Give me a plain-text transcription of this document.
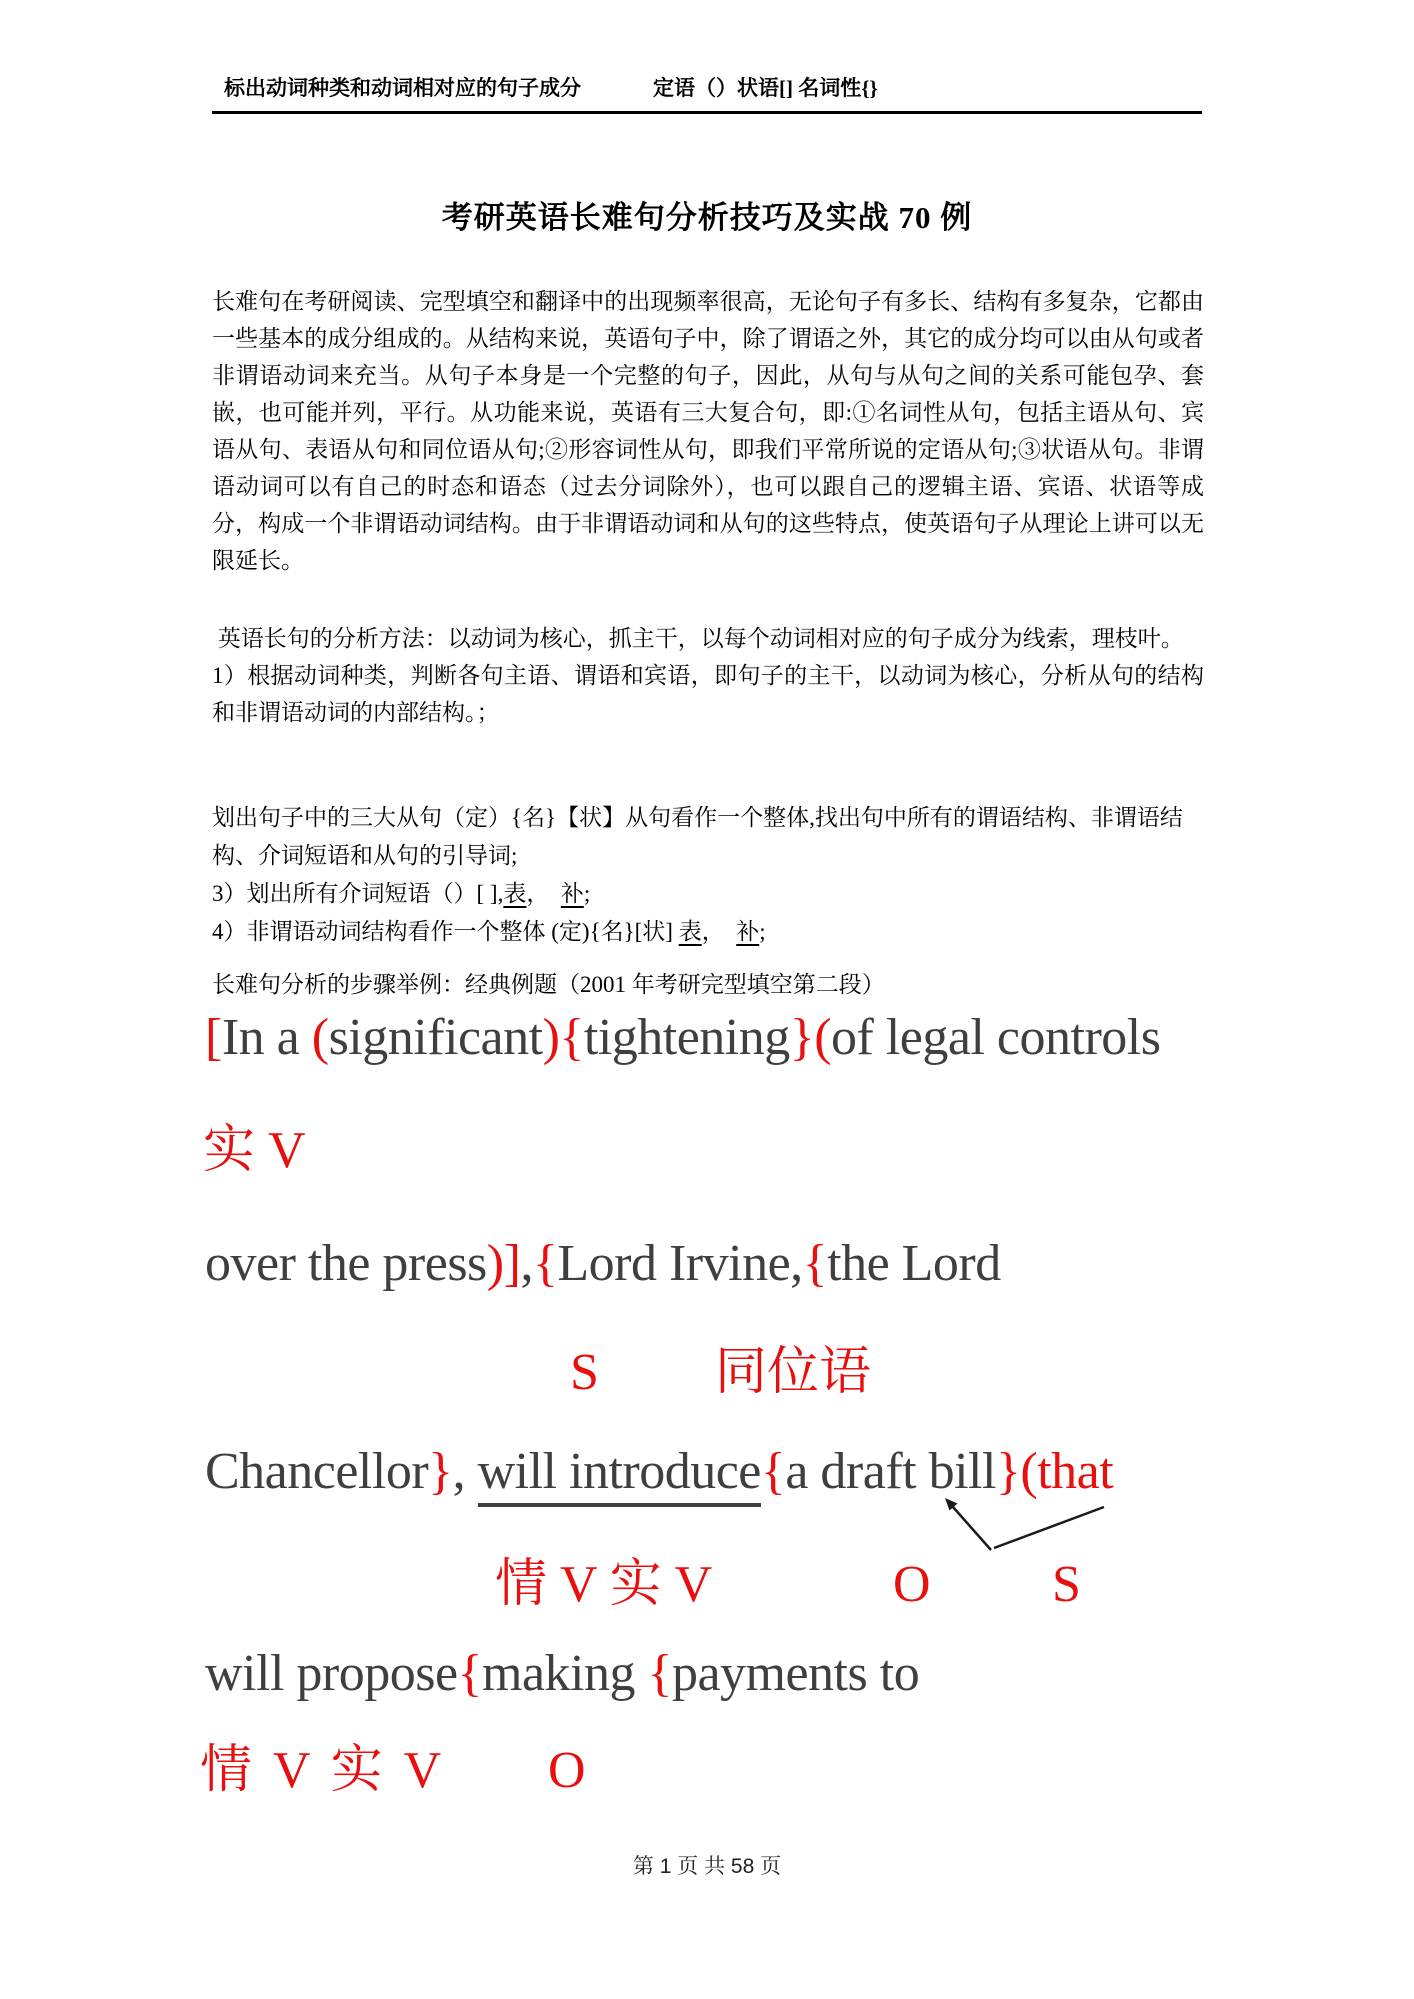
标出动词种类和动词相对应的句子成分	定语（）状语[] 名词性{}
考研英语长难句分析技巧及实战 70 例
长难句在考研阅读、完型填空和翻译中的出现频率很高，无论句子有多长、结构有多复杂，它都由一些基本的成分组成的。从结构来说，英语句子中，除了谓语之外，其它的成分均可以由从句或者非谓语动词来充当。从句子本身是一个完整的句子，因此，从句与从句之间的关系可能包孕、套嵌，也可能并列，平行。从功能来说，英语有三大复合句，即:①名词性从句，包括主语从句、宾语从句、表语从句和同位语从句;②形容词性从句，即我们平常所说的定语从句;③状语从句。非谓语动词可以有自己的时态和语态（过去分词除外），也可以跟自己的逻辑主语、宾语、状语等成分，构成一个非谓语动词结构。由于非谓语动词和从句的这些特点，使英语句子从理论上讲可以无限延长。
英语长句的分析方法：以动词为核心，抓主干，以每个动词相对应的句子成分为线索，理枝叶。
1）根据动词种类，判断各句主语、谓语和宾语，即句子的主干，以动词为核心，分析从句的结构和非谓语动词的内部结构。；
划出句子中的三大从句（定）{名}【状】从句看作一个整体,找出句中所有的谓语结构、非谓语结构、介词短语和从句的引导词;
3）划出所有介词短语（）[ ],表，  补;
4）非谓语动词结构看作一个整体 (定){名}[状] 表，  补;
长难句分析的步骤举例：经典例题（2001 年考研完型填空第二段）
[In a (significant){tightening}(of legal controls
实 V
over the press)],{Lord Irvine,{the Lord
S 同位语
Chancellor}, will introduce{a draft bill}(that
情 V 实 V	O S
will propose{making {payments to
情 V 实 V O
第 1 页 共 58 页
